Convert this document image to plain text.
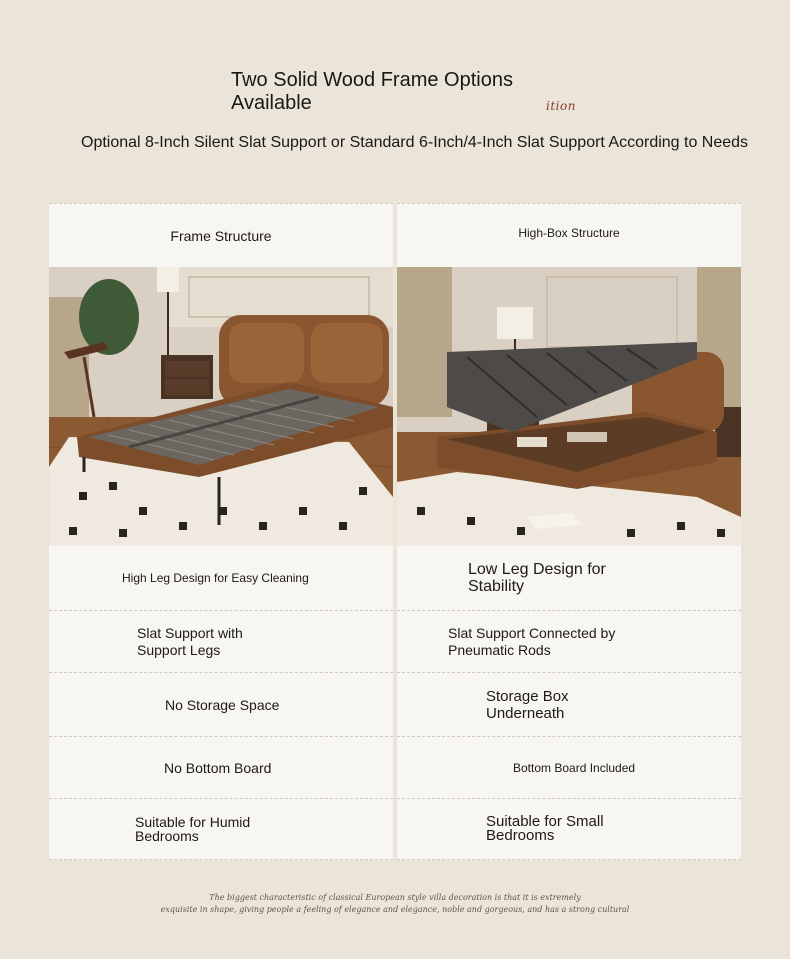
Two Solid Wood Frame Options Available	ition
Optional 8-Inch Silent Slat Support or Standard 6-Inch/4-Inch Slat Support According to Needs
Frame Structure
High Leg Design for Easy Cleaning
Slat Support with Support Legs
No Storage Space
No Bottom Board
Suitable for Humid Bedrooms
High-Box Structure
Low Leg Design for Stability
Slat Support Connected by Pneumatic Rods
Storage Box Underneath
Bottom Board Included
Suitable for Small Bedrooms
The biggest characteristic of classical European style villa decoration is that it is extremely
exquisite in shape, giving people a feeling of elegance and elegance, noble and gorgeous, and has a strong cultural
